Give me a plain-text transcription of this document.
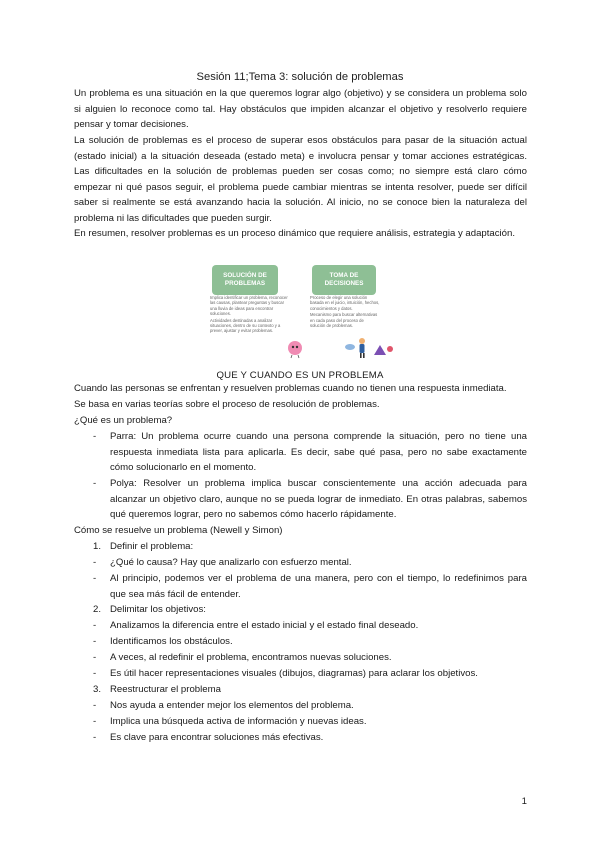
Sesión 11;Tema 3: solución de problemas
Un problema es una situación en la que queremos lograr algo (objetivo) y se considera un problema solo si alguien lo reconoce como tal. Hay obstáculos que impiden alcanzar el objetivo y resolverlo requiere pensar y tomar decisiones.
La solución de problemas es el proceso de superar esos obstáculos para pasar de la situación actual (estado inicial) a la situación deseada (estado meta) e involucra pensar y tomar acciones estratégicas. Las dificultades en la solución de problemas pueden ser cosas como; no siempre está claro cómo empezar ni qué pasos seguir, el problema puede cambiar mientras se intenta resolver, puede ser difícil saber si realmente se está avanzando hacia la solución. Al inicio, no se conoce bien la naturaleza del problema ni las dificultades que pueden surgir.
En resumen, resolver problemas es un proceso dinámico que requiere análisis, estrategia y adaptación.
SOLUCIÓN DE PROBLEMAS
TOMA DE DECISIONES
Implica identificar un problema, reconocer las causas, plantear preguntas y buscar una lluvia de ideas para encontrar soluciones.
Actividades destinadas a analizar situaciones, dentro de su contexto y a prever, ajustar y evitar problemas.
Proceso de elegir una solución basada en el juicio, intuición, hechos, conocimientos y datos.
Mecanismo para buscar alternativas en cada paso del proceso de solución de problemas.
QUE Y CUANDO ES UN PROBLEMA
Cuando las personas se enfrentan y resuelven problemas cuando no tienen una respuesta inmediata.
Se basa en varias teorías sobre el proceso de resolución de problemas.
¿Qué es un problema?
- Parra: Un problema ocurre cuando una persona comprende la situación, pero no tiene una respuesta inmediata lista para aplicarla. Es decir, sabe qué pasa, pero no sabe exactamente cómo solucionarlo en el momento.
- Polya: Resolver un problema implica buscar conscientemente una acción adecuada para alcanzar un objetivo claro, aunque no se pueda lograr de inmediato. En otras palabras, sabemos qué queremos lograr, pero no sabemos cómo hacerlo rápidamente.
Cómo se resuelve un problema (Newell y Simon)
1. Definir el problema:
- ¿Qué lo causa? Hay que analizarlo con esfuerzo mental.
- Al principio, podemos ver el problema de una manera, pero con el tiempo, lo redefinimos para que sea más fácil de entender.
2. Delimitar los objetivos:
- Analizamos la diferencia entre el estado inicial y el estado final deseado.
- Identificamos los obstáculos.
- A veces, al redefinir el problema, encontramos nuevas soluciones.
- Es útil hacer representaciones visuales (dibujos, diagramas) para aclarar los objetivos.
3. Reestructurar el problema
- Nos ayuda a entender mejor los elementos del problema.
- Implica una búsqueda activa de información y nuevas ideas.
- Es clave para encontrar soluciones más efectivas.
1
